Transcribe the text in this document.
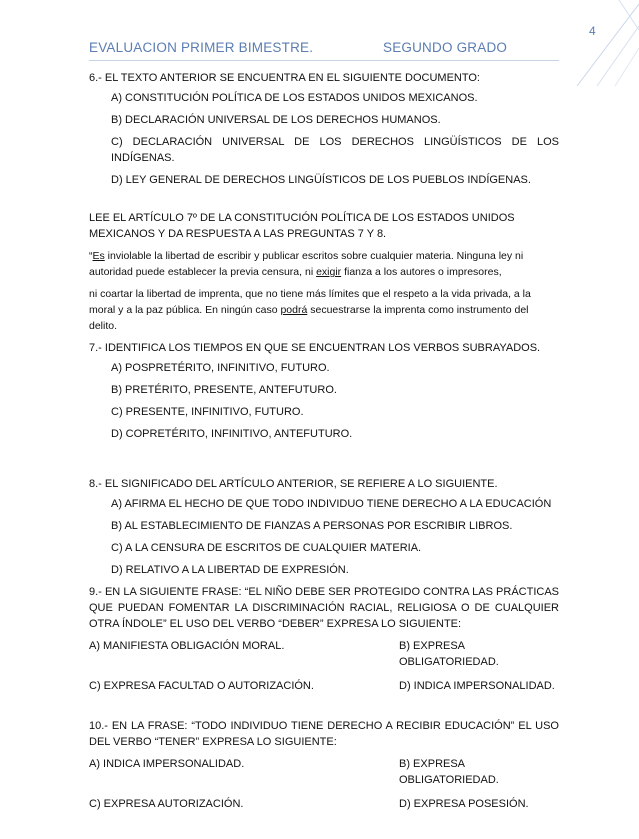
4
EVALUACION PRIMER BIMESTRE.	SEGUNDO GRADO

6.- EL TEXTO ANTERIOR SE ENCUENTRA EN EL SIGUIENTE DOCUMENTO:

A) CONSTITUCIÓN POLÍTICA DE LOS ESTADOS UNIDOS MEXICANOS.

B) DECLARACIÓN UNIVERSAL DE LOS DERECHOS HUMANOS.

C) DECLARACIÓN UNIVERSAL DE LOS DERECHOS LINGÜÍSTICOS DE LOS INDÍGENAS.

D) LEY GENERAL DE DERECHOS LINGÜÍSTICOS DE LOS PUEBLOS INDÍGENAS.

LEE EL ARTÍCULO 7º DE LA CONSTITUCIÓN POLÍTICA DE LOS ESTADOS UNIDOS MEXICANOS Y DA RESPUESTA A LAS PREGUNTAS 7 Y 8.

“Es inviolable la libertad de escribir y publicar escritos sobre cualquier materia. Ninguna ley ni autoridad puede establecer la previa censura, ni exigir fianza a los autores o impresores,

ni coartar la libertad de imprenta, que no tiene más límites que el respeto a la vida privada, a la moral y a la paz pública. En ningún caso podrá secuestrarse la imprenta como instrumento del delito.

7.- IDENTIFICA LOS TIEMPOS EN QUE SE ENCUENTRAN LOS VERBOS SUBRAYADOS.

A) POSPRETÉRITO, INFINITIVO, FUTURO.

B) PRETÉRITO, PRESENTE, ANTEFUTURO.

C) PRESENTE, INFINITIVO, FUTURO.

D) COPRETÉRITO, INFINITIVO, ANTEFUTURO.

8.- EL SIGNIFICADO DEL ARTÍCULO ANTERIOR, SE REFIERE A LO SIGUIENTE.

A) AFIRMA EL HECHO DE QUE TODO INDIVIDUO TIENE DERECHO A LA EDUCACIÓN

B) AL ESTABLECIMIENTO DE FIANZAS A PERSONAS POR ESCRIBIR LIBROS.

C) A LA CENSURA DE ESCRITOS DE CUALQUIER MATERIA.

D) RELATIVO A LA LIBERTAD DE EXPRESIÓN.

9.- EN LA SIGUIENTE FRASE: “EL NIÑO DEBE SER PROTEGIDO CONTRA LAS PRÁCTICAS QUE PUEDAN FOMENTAR LA DISCRIMINACIÓN RACIAL, RELIGIOSA O DE CUALQUIER OTRA ÍNDOLE” EL USO DEL VERBO “DEBER” EXPRESA LO SIGUIENTE:

A) MANIFIESTA OBLIGACIÓN MORAL.	B) EXPRESA OBLIGATORIEDAD.
C) EXPRESA FACULTAD O AUTORIZACIÓN.	D) INDICA IMPERSONALIDAD.

10.- EN LA FRASE: “TODO INDIVIDUO TIENE DERECHO A RECIBIR EDUCACIÓN” EL USO DEL VERBO “TENER” EXPRESA LO SIGUIENTE:

A) INDICA IMPERSONALIDAD.	B) EXPRESA OBLIGATORIEDAD.
C) EXPRESA AUTORIZACIÓN.	D) EXPRESA POSESIÓN.
